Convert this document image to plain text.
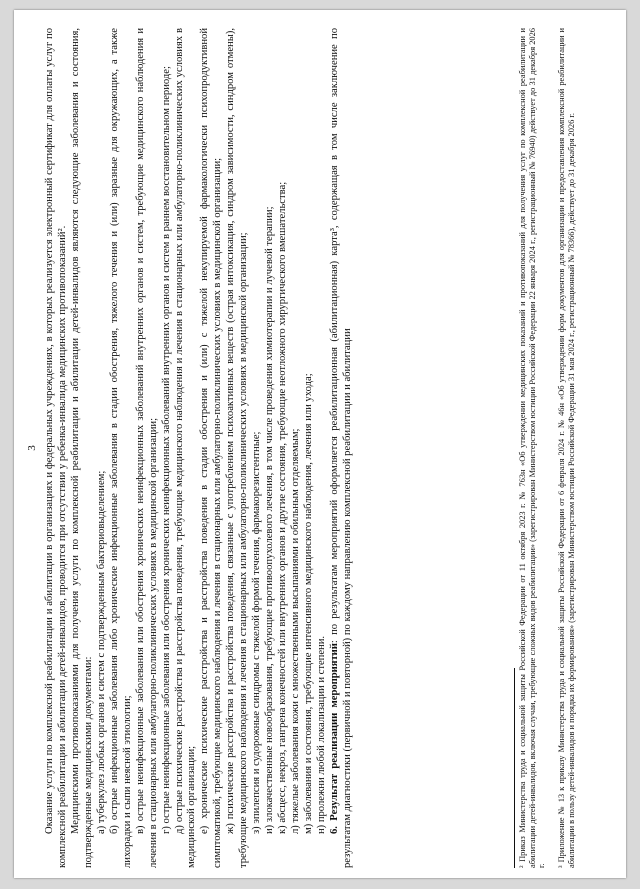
3 Оказание услуги по комплексной реабилитации и абилитации в организациях и федеральных учреждениях, в которых реализуется электронный сертификат для оплаты услуг по комплексной реабилитации и абилитации детей-инвалидов, проводится при отсутствии у ребенка-инвалида медицинских противопоказаний². Медицинскими противопоказаниями для получения услуги по комплексной реабилитации и абилитации детей-инвалидов являются следующие заболевания и состояния, подтвержденные медицинскими документами: а) туберкулез любых органов и систем с подтвержденным бактериовыделением; б) острые инфекционные заболевания либо хронические инфекционные заболевания в стадии обострения, тяжелого течения и (или) заразные для окружающих, а также лихорадки и сыпи неясной этиологии; в) острые неинфекционные заболевания или обострения хронических неинфекционных заболеваний внутренних органов и систем, требующие медицинского наблюдения и лечения в стационарных или амбулаторно-поликлинических условиях в медицинской организации; г) острые неинфекционные заболевания или обострения хронических неинфекционных заболеваний внутренних органов и систем в раннем восстановительном периоде; д) острые психические расстройства и расстройства поведения, требующие медицинского наблюдения и лечения в стационарных или амбулаторно-поликлинических условиях в медицинской организации; е) хронические психические расстройства и расстройства поведения в стадии обострения и (или) с тяжелой некупируемой фармакологически психопродуктивной симптоматикой, требующие медицинского наблюдения и лечения в стационарных или амбулаторно-поликлинических условиях в медицинской организации; ж) психические расстройства и расстройства поведения, связанные с употреблением психоактивных веществ (острая интоксикация, синдром зависимости, синдром отмены), требующие медицинского наблюдения и лечения в стационарных или амбулаторно-поликлинических условиях в медицинской организации; з) эпилепсия и судорожные синдромы с тяжелой формой течения, фармакорезистентные; и) злокачественные новообразования, требующие противоопухолевого лечения, в том числе проведения химиотерапии и лучевой терапии; к) абсцесс, некроз, гангрена конечностей или внутренних органов и другие состояния, требующие неотложного хирургического вмешательства; л) тяжелые заболевания кожи с множественными высыпаниями и обильным отделяемым; м) заболевания и состояния, требующие интенсивного медицинского наблюдения, лечения или ухода; н) пролежни любой локализации и степени. 6. Результат реализации мероприятий: по результатам мероприятий оформляется реабилитационная (абилитационная) карта³, содержащая в том числе заключение по результатам диагностики (первичной и повторной) по каждому направлению комплексной реабилитации и абилитации	² Приказ Министерства труда и социальной защиты Российской Федерации от 11 октября 2023 г. № 763н «Об утверждении медицинских показаний и противопоказаний для получения услуг по комплексной реабилитации и абилитации детей-инвалидов, включая случаи, требующие сложных видов реабилитации» (зарегистрирован Министерством юстиции Российской Федерации 22 января 2024 г., регистрационный № 76940) действует до 31 декабря 2026 г. ³ Приложение № 13 к приказу Министерства труда и социальной защиты Российской Федерации от 6 февраля 2024 г. № 46н «Об утверждении форм документов для организации и предоставления комплексной реабилитации и абилитации в пользу детей-инвалидов и порядка их формирования» (зарегистрирован Министерством юстиции Российской Федерации 31 мая 2024 г., регистрационный № 78366), действует до 31 декабря 2026 г.
